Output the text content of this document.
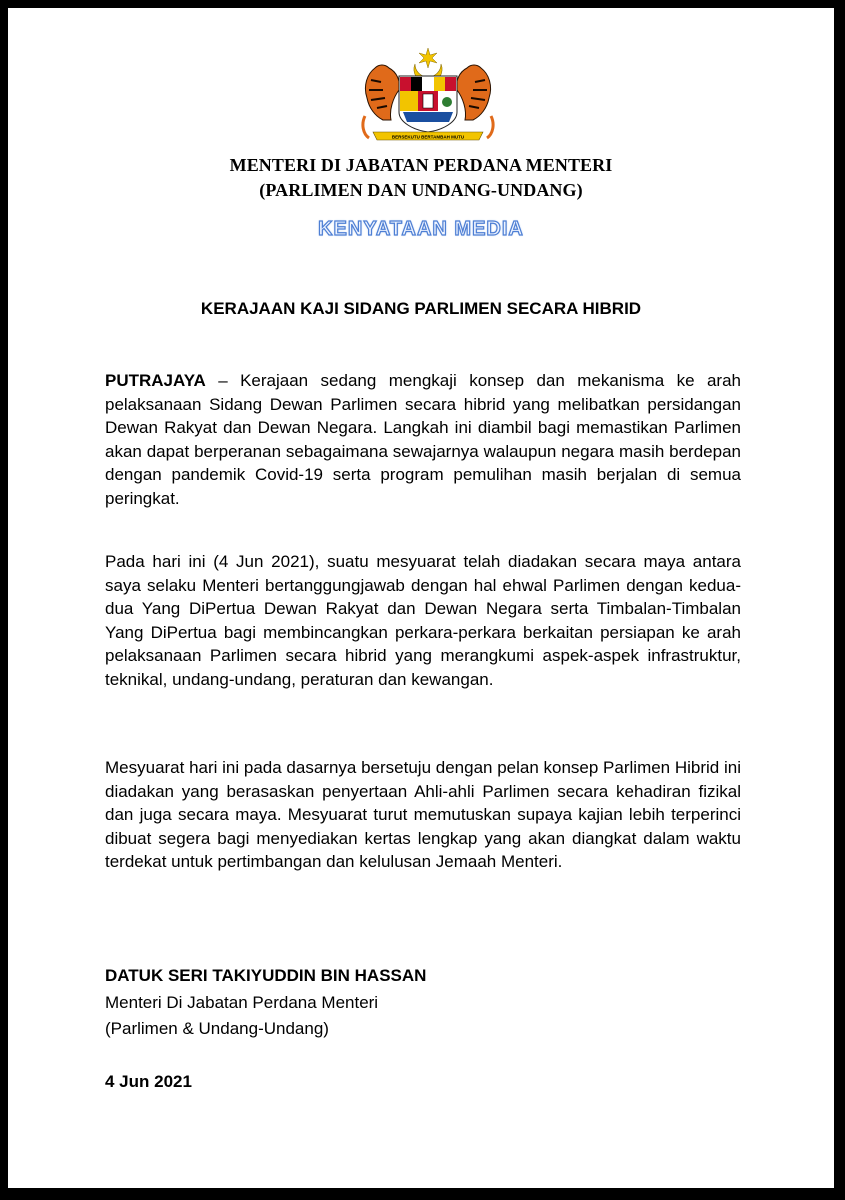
BERSEKUTU BERTAMBAH MUTU
MENTERI DI JABATAN PERDANA MENTERI
(PARLIMEN DAN UNDANG-UNDANG)
KENYATAAN MEDIA
KERAJAAN KAJI SIDANG PARLIMEN SECARA HIBRID
PUTRAJAYA – Kerajaan sedang mengkaji konsep dan mekanisma ke arah pelaksanaan Sidang Dewan Parlimen secara hibrid yang melibatkan persidangan Dewan Rakyat dan Dewan Negara. Langkah ini diambil bagi memastikan Parlimen akan dapat berperanan sebagaimana sewajarnya walaupun negara masih berdepan dengan pandemik Covid-19 serta program pemulihan masih berjalan di semua peringkat.
Pada hari ini (4 Jun 2021), suatu mesyuarat telah diadakan secara maya antara saya selaku Menteri bertanggungjawab dengan hal ehwal Parlimen dengan kedua-dua Yang DiPertua Dewan Rakyat dan Dewan Negara serta Timbalan-Timbalan Yang DiPertua bagi membincangkan perkara-perkara berkaitan persiapan ke arah pelaksanaan Parlimen secara hibrid yang merangkumi aspek-aspek infrastruktur, teknikal, undang-undang, peraturan dan kewangan.
Mesyuarat hari ini pada dasarnya bersetuju dengan pelan konsep Parlimen Hibrid ini diadakan yang berasaskan penyertaan Ahli-ahli Parlimen secara kehadiran fizikal dan juga secara maya. Mesyuarat turut memutuskan supaya kajian lebih terperinci dibuat segera bagi menyediakan kertas lengkap yang akan diangkat dalam waktu terdekat untuk pertimbangan dan kelulusan Jemaah Menteri.
DATUK SERI TAKIYUDDIN BIN HASSAN
Menteri Di Jabatan Perdana Menteri
(Parlimen & Undang-Undang)
4 Jun 2021
